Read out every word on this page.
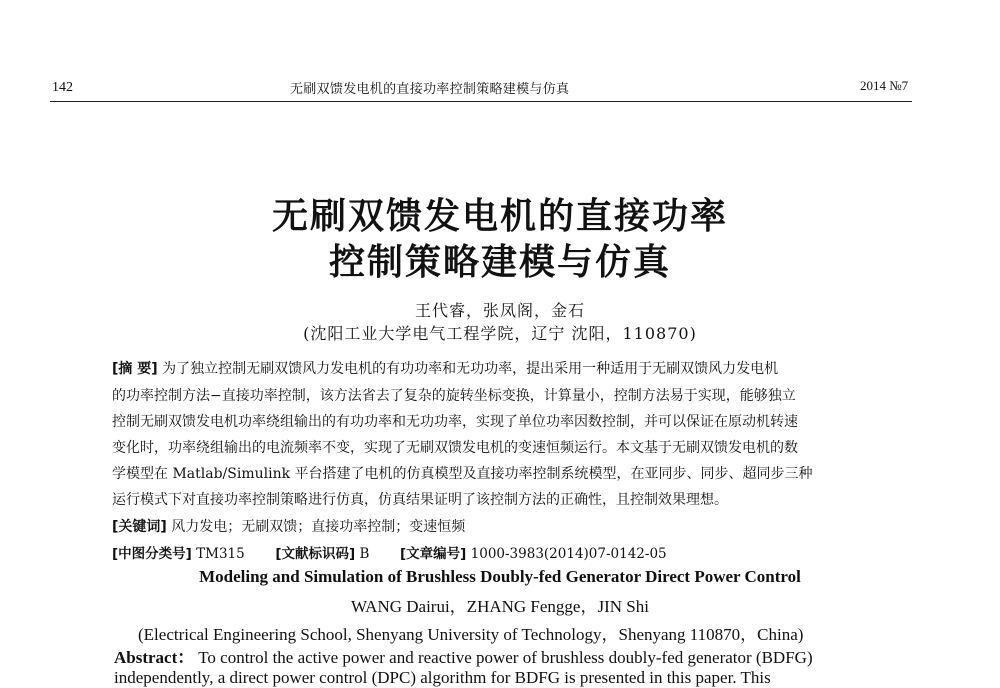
142	无刷双馈发电机的直接功率控制策略建模与仿真	2014 №7
无刷双馈发电机的直接功率
控制策略建模与仿真
王代睿，张凤阁，金石
(沈阳工业大学电气工程学院，辽宁 沈阳，110870)
[摘 要] 为了独立控制无刷双馈风力发电机的有功功率和无功功率，提出采用一种适用于无刷双馈风力发电机
的功率控制方法−直接功率控制，该方法省去了复杂的旋转坐标变换，计算量小，控制方法易于实现，能够独立
控制无刷双馈发电机功率绕组输出的有功功率和无功功率，实现了单位功率因数控制，并可以保证在原动机转速
变化时，功率绕组输出的电流频率不变，实现了无刷双馈发电机的变速恒频运行。本文基于无刷双馈发电机的数
学模型在 Matlab/Simulink 平台搭建了电机的仿真模型及直接功率控制系统模型，在亚同步、同步、超同步三种
运行模式下对直接功率控制策略进行仿真，仿真结果证明了该控制方法的正确性，且控制效果理想。
[关键词] 风力发电；无刷双馈；直接功率控制；变速恒频
[中图分类号] TM315 [文献标识码] B [文章编号] 1000-3983(2014)07-0142-05
Modeling and Simulation of Brushless Doubly-fed Generator Direct Power Control
WANG Dairui，ZHANG Fengge，JIN Shi
(Electrical Engineering School, Shenyang University of Technology，Shenyang 110870，China)
Abstract： To control the active power and reactive power of brushless doubly-fed generator (BDFG)
independently, a direct power control (DPC) algorithm for BDFG is presented in this paper. This
